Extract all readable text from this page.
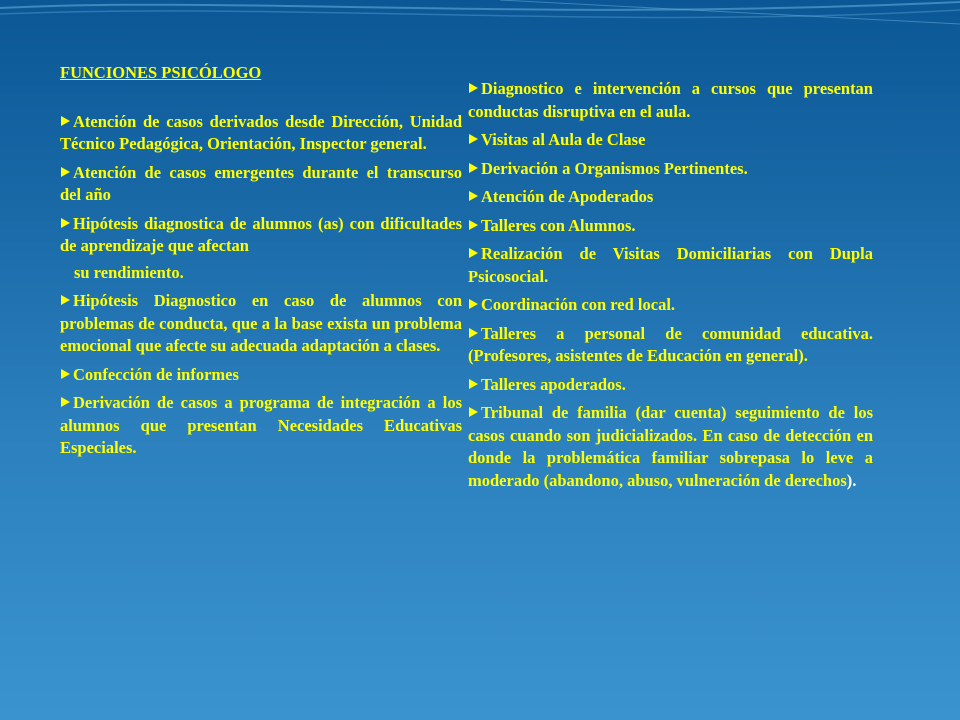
FUNCIONES PSICÓLOGO

Atención de casos derivados desde Dirección, Unidad Técnico Pedagógica, Orientación, Inspector general.

Atención de casos emergentes durante el transcurso del año

Hipótesis diagnostica de alumnos (as) con dificultades de aprendizaje que afectan

su rendimiento.

Hipótesis Diagnostico en caso de alumnos con problemas de conducta, que a la base exista un problema emocional que afecte su adecuada adaptación a clases.

Confección de informes

Derivación de casos a programa de integración a los alumnos que presentan Necesidades Educativas Especiales.

Diagnostico e intervención a cursos que presentan conductas disruptiva en el aula.

Visitas al Aula de Clase

Derivación a Organismos Pertinentes.

Atención de Apoderados

Talleres con Alumnos.

Realización de Visitas Domiciliarias con Dupla Psicosocial.

Coordinación con red local.

Talleres a personal de comunidad educativa. (Profesores, asistentes de Educación en general).

Talleres apoderados.

Tribunal de familia (dar cuenta) seguimiento de los casos cuando son judicializados. En caso de detección en donde la problemática familiar sobrepasa lo leve a moderado (abandono, abuso, vulneración de derechos).
